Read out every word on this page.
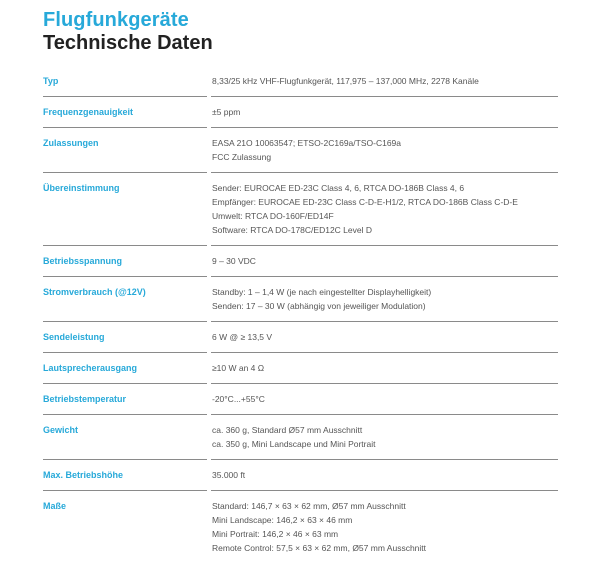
Flugfunkgeräte
Technische Daten
Typ	8,33/25 kHz VHF-Flugfunkgerät, 117,975 – 137,000 MHz, 2278 Kanäle
Frequenzgenauigkeit	±5 ppm
Zulassungen	EASA 21O 10063547; ETSO-2C169a/TSO-C169a
FCC Zulassung
Übereinstimmung	Sender: EUROCAE ED-23C Class 4, 6, RTCA DO-186B Class 4, 6
Empfänger: EUROCAE ED-23C Class C-D-E-H1/2, RTCA DO-186B Class C-D-E
Umwelt: RTCA DO-160F/ED14F
Software: RTCA DO-178C/ED12C Level D
Betriebsspannung	9 – 30 VDC
Stromverbrauch (@12V)	Standby: 1 – 1,4 W (je nach eingestellter Displayhelligkeit)
Senden: 17 – 30 W (abhängig von jeweiliger Modulation)
Sendeleistung	6 W @ ≥ 13,5 V
Lautsprecherausgang	≥10 W an 4 Ω
Betriebstemperatur	-20°C...+55°C
Gewicht	ca. 360 g, Standard Ø57 mm Ausschnitt
ca. 350 g, Mini Landscape und Mini Portrait
Max. Betriebshöhe	35.000 ft
Maße	Standard: 146,7 × 63 × 62 mm, Ø57 mm Ausschnitt
Mini Landscape: 146,2 × 63 × 46 mm
Mini Portrait: 146,2 × 46 × 63 mm
Remote Control: 57,5 × 63 × 62 mm, Ø57 mm Ausschnitt
